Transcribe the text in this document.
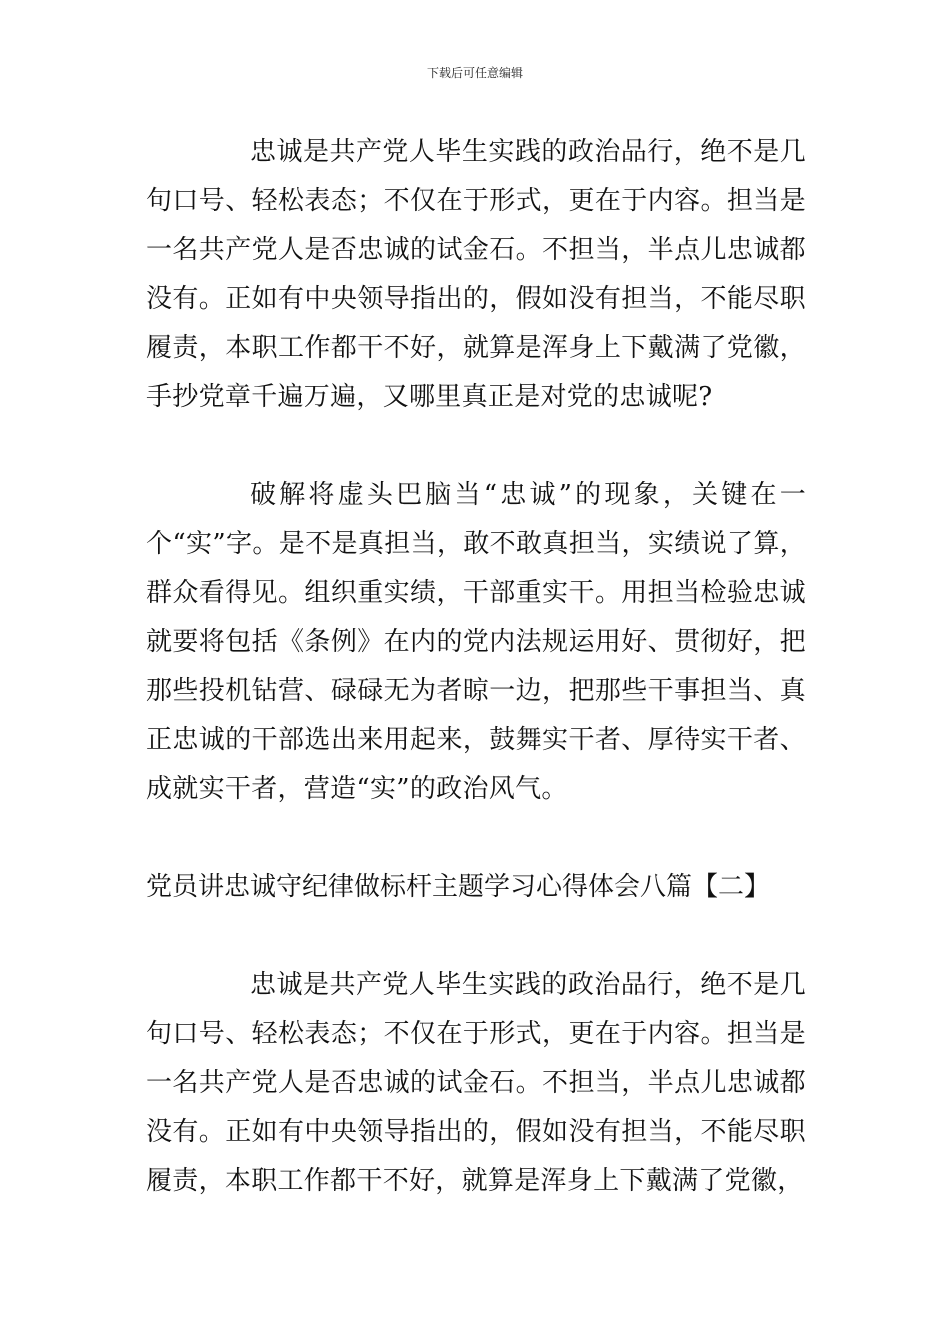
下载后可任意编辑

忠诚是共产党人毕生实践的政治品行，绝不是几句口号、轻松表态；不仅在于形式，更在于内容。担当是一名共产党人是否忠诚的试金石。不担当，半点儿忠诚都没有。正如有中央领导指出的，假如没有担当，不能尽职履责，本职工作都干不好，就算是浑身上下戴满了党徽，手抄党章千遍万遍，又哪里真正是对党的忠诚呢?

破解将虚头巴脑当“忠诚”的现象，关键在一个“实”字。是不是真担当，敢不敢真担当，实绩说了算，群众看得见。组织重实绩，干部重实干。用担当检验忠诚就要将包括《条例》在内的党内法规运用好、贯彻好，把那些投机钻营、碌碌无为者晾一边，把那些干事担当、真正忠诚的干部选出来用起来，鼓舞实干者、厚待实干者、成就实干者，营造“实”的政治风气。

党员讲忠诚守纪律做标杆主题学习心得体会八篇【二】

忠诚是共产党人毕生实践的政治品行，绝不是几句口号、轻松表态；不仅在于形式，更在于内容。担当是一名共产党人是否忠诚的试金石。不担当，半点儿忠诚都没有。正如有中央领导指出的，假如没有担当，不能尽职履责，本职工作都干不好，就算是浑身上下戴满了党徽，
